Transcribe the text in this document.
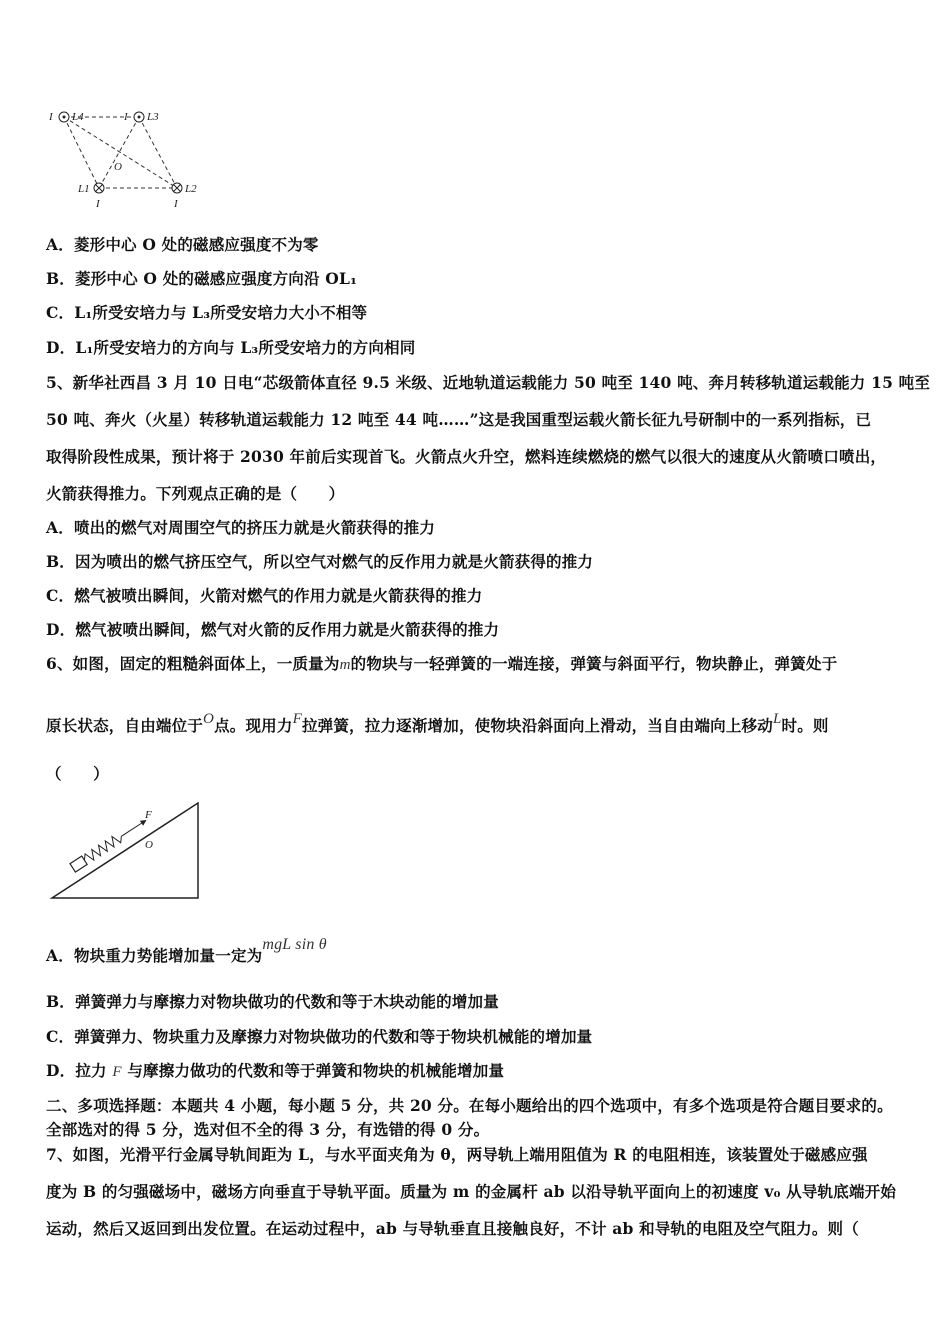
I L4	I L3
O
L1
I
L2
I
A．菱形中心 O 处的磁感应强度不为零
B．菱形中心 O 处的磁感应强度方向沿 OL₁
C．L₁所受安培力与 L₃所受安培力大小不相等
D．L₁所受安培力的方向与 L₃所受安培力的方向相同
5、新华社西昌 3 月 10 日电“芯级箭体直径 9.5 米级、近地轨道运载能力 50 吨至 140 吨、奔月转移轨道运载能力 15 吨至
50 吨、奔火（火星）转移轨道运载能力 12 吨至 44 吨……”这是我国重型运载火箭长征九号研制中的一系列指标，已
取得阶段性成果，预计将于 2030 年前后实现首飞。火箭点火升空，燃料连续燃烧的燃气以很大的速度从火箭喷口喷出，
火箭获得推力。下列观点正确的是（　　）
A．喷出的燃气对周围空气的挤压力就是火箭获得的推力
B．因为喷出的燃气挤压空气，所以空气对燃气的反作用力就是火箭获得的推力
C．燃气被喷出瞬间，火箭对燃气的作用力就是火箭获得的推力
D．燃气被喷出瞬间，燃气对火箭的反作用力就是火箭获得的推力
6、如图，固定的粗糙斜面体上，一质量为m的物块与一轻弹簧的一端连接，弹簧与斜面平行，物块静止，弹簧处于
原长状态，自由端位于O点。现用力F拉弹簧，拉力逐渐增加，使物块沿斜面向上滑动，当自由端向上移动L时。则
（　　）
F
O
A．物块重力势能增加量一定为mgL sin θ
B．弹簧弹力与摩擦力对物块做功的代数和等于木块动能的增加量
C．弹簧弹力、物块重力及摩擦力对物块做功的代数和等于物块机械能的增加量
D．拉力 F 与摩擦力做功的代数和等于弹簧和物块的机械能增加量
二、多项选择题：本题共 4 小题，每小题 5 分，共 20 分。在每小题给出的四个选项中，有多个选项是符合题目要求的。
全部选对的得 5 分，选对但不全的得 3 分，有选错的得 0 分。
7、如图，光滑平行金属导轨间距为 L，与水平面夹角为 θ，两导轨上端用阻值为 R 的电阻相连，该装置处于磁感应强
度为 B 的匀强磁场中，磁场方向垂直于导轨平面。质量为 m 的金属杆 ab 以沿导轨平面向上的初速度 v₀ 从导轨底端开始
运动，然后又返回到出发位置。在运动过程中，ab 与导轨垂直且接触良好，不计 ab 和导轨的电阻及空气阻力。则（
